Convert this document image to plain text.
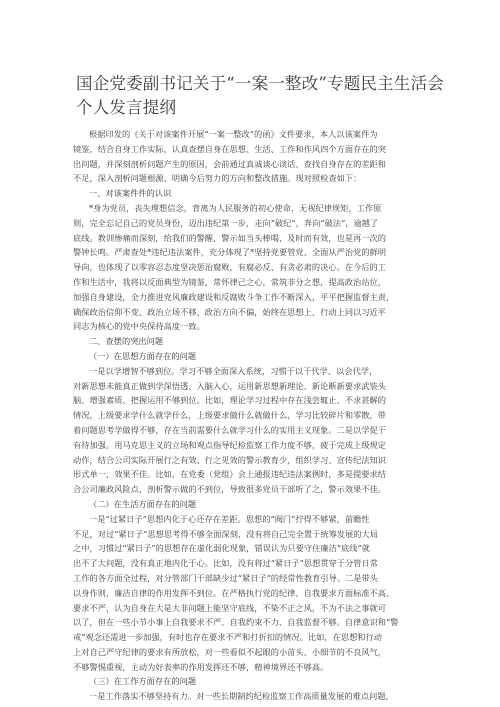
国企党委副书记关于“一案一整改”专题民主生活会
个人发言提纲
根据印发的《关于对该案件开展“一案一整改”的函》文件要求，本人以该案件为
镜鉴，结合自身工作实际，认真查摆自身在思想、生活、工作和作风四个方面存在的突
出问题，并深刻剖析问题产生的原因，会前通过真诚谈心谈话、查找自身存在的差距和
不足，深入剖析问题根源、明确今后努力的方向和整改措施。现对照检查如下：
一、对该案件件的认识
*身为党员，丧失理想信念，背离为人民服务的初心使命，无视纪律规矩，工作原
则，完全忘记自己的党员身份，迈出违纪第一步，走向“破纪”，奔向“破法”，逾越了
底线。教训惨痛而深刻，给我们的警醒、警示如当头棒喝，及时而有效，也是再一次的
警钟长鸣。严肃查处*违纪违法案件，充分体现了*坚持党要管党、全面从严治党的鲜明
导向，也体现了以零容忍态度坚决惩治腐败，有腐必反、有贪必肃的决心。在今后的工
作和生活中，我将以反面典型为镜鉴，常怀律己之心，常筑非分之想，提高政治站位，
加强自身建设，全力推进党风廉政建设和反腐败斗争工作不断深入，平平把握监督主责，
确保政治信仰不变、政治立场不移、政治方向不偏，始终在思想上、行动上同以习近平
同志为核心的党中央保持高度一致。
二、查摆的突出问题
（一）在思想方面存在的问题
一是以学增智不够到位。学习不够全面深入系统，习惯于以干代学、以会代学，
对新思想未能真正做到学深悟透、入脑入心，运用新思想新理论、新论断新要求武装头
脑、增强素质、把握运用不够到位。比如，理论学习过程中存在浅尝辄止、不求甚解的
情况，上级要求学什么就学什么，上级要求做什么就做什么，学习比较碎片和零散，带
着问题思考学做得不够，存在当前需要什么就学习什么的实用主义现象。二是以学促干
有待加强。用马克思主义的立场和观点指导纪检监察工作力度不够，疲于完成上级规定
动作，结合公司实际开展行之有效、行之见效的警示教育少，组织学习、宣传纪法知识
形式单一，效果不佳。比如，在党委（党组）会上通报违纪违法案例时，多是提要求结
合公司廉政风险点，剖析警示做的不到位，导致很多党员干部听了之，警示效果不佳。
（二）在生活方面存在的问题
一是“过紧日子”思想内化于心还存在差距。思想的“阀门”拧得不够紧，前瞻性
不足，对过“紧日子”思想思考得不够全面深刻，没有将自己完全置于统筹发展的大局
之中，习惯过“紧日子”的思想存在虚化弱化现象，错误认为只要守住廉洁“底线”就
出不了大问题，没有真正地内化于心。比如，没有将过“紧日子”思想贯穿于分管日常
工作的各方面全过程，对分管部门干部缺少过“紧日子”的经常性教育引导。二是带头
以身作则，廉洁自律的作用发挥不到位。在严格执行党的纪律、自我要求方面标准不高、
要求不严，认为自身在大是大非问题上能坚守底线，不染不正之风，不为不法之事就可
以了，但在一些小节小事上自我要求不严、自我约束不力、自我监督不够。自律意识和“警
戒”观念还需进一步加强，有时也存在要求不严和打折扣的情况。比如，在思想和行动
上对自己严守纪律的要求有所放松，对一些看似不起眼的小苗头、小细节的不良风气，
不够警惕重视，主动为好表率的作用发挥还不够，精神境界还不够高。
（三）在工作方面存在的问题
一是工作落实不够坚持有力。对一些长期制约纪检监察工作高质量发展的难点问题，
